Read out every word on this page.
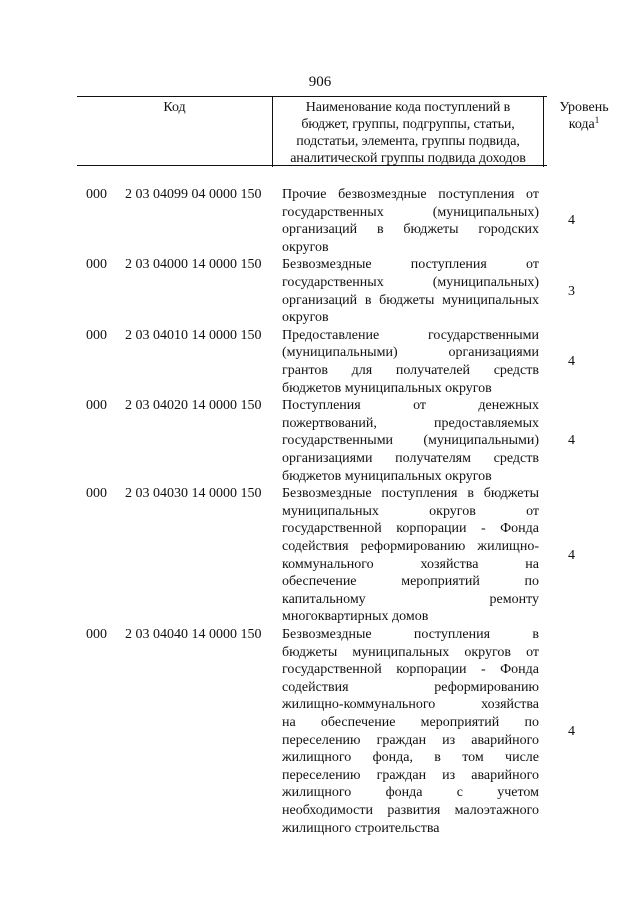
906
Код	Наименование кода поступлений в
бюджет, группы, подгруппы, статьи,
подстатьи, элемента, группы подвида,
аналитической группы подвида доходов
Уровень
кода$^1$
000 2 03 04099 04 0000 150 Прочие безвозмездные поступления от
государственных (муниципальных)
организаций в бюджеты городских
округов
4
000 2 03 04000 14 0000 150 Безвозмездные поступления от
государственных (муниципальных)
организаций в бюджеты муниципальных
округов
3
000 2 03 04010 14 0000 150 Предоставление государственными
(муниципальными) организациями
грантов для получателей средств
бюджетов муниципальных округов
4
000 2 03 04020 14 0000 150 Поступления от денежных
пожертвований, предоставляемых
государственными (муниципальными)
организациями получателям средств
бюджетов муниципальных округов
4
000 2 03 04030 14 0000 150 Безвозмездные поступления в бюджеты
муниципальных округов от
государственной корпорации - Фонда
содействия реформированию жилищно-
коммунального хозяйства на
обеспечение мероприятий по
капитальному ремонту
многоквартирных домов
4
000 2 03 04040 14 0000 150 Безвозмездные поступления в
бюджеты муниципальных округов от
государственной корпорации - Фонда
содействия реформированию
жилищно-коммунального хозяйства
на обеспечение мероприятий по
переселению граждан из аварийного
жилищного фонда, в том числе
переселению граждан из аварийного
жилищного фонда с учетом
необходимости развития малоэтажного
жилищного строительства
4
